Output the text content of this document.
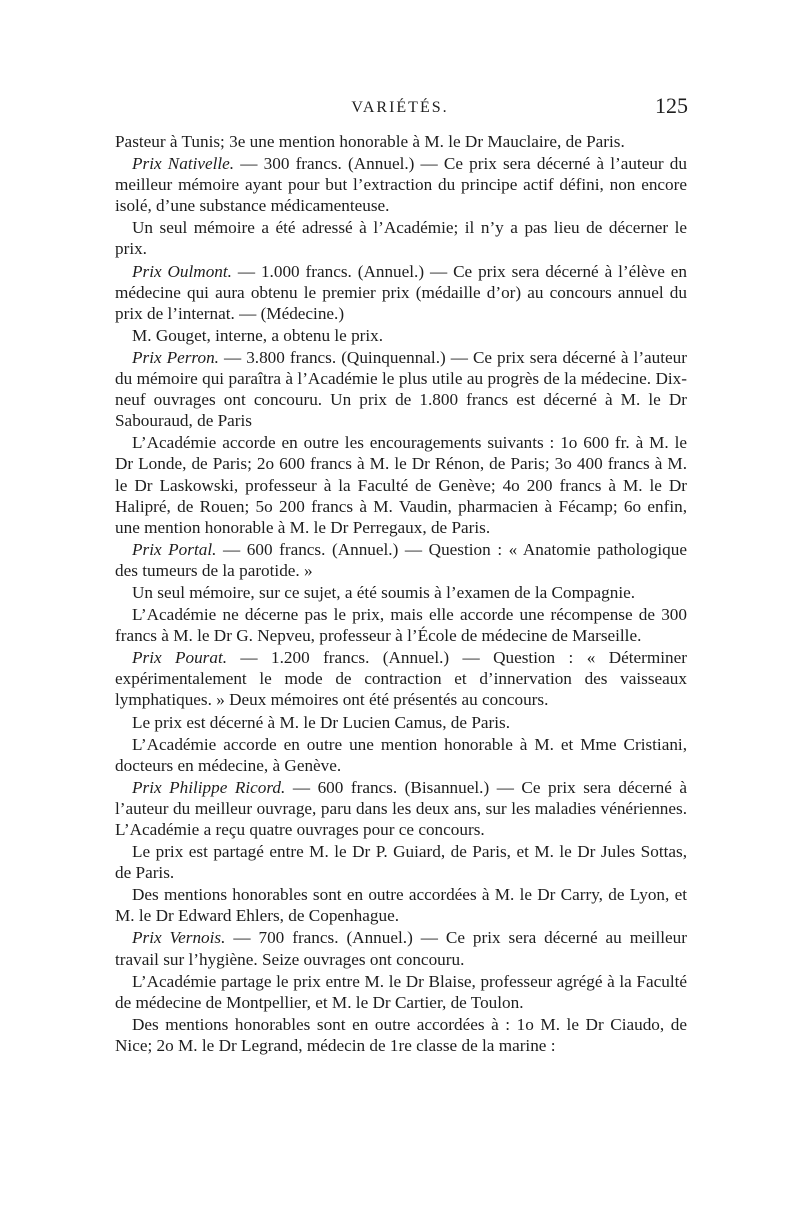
VARIÉTÉS.	125

Pasteur à Tunis; 3e une mention honorable à M. le Dr Mauclaire, de Paris.

Prix Nativelle. — 300 francs. (Annuel.) — Ce prix sera décerné à l’auteur du meilleur mémoire ayant pour but l’extraction du principe actif défini, non encore isolé, d’une substance médicamenteuse.

Un seul mémoire a été adressé à l’Académie; il n’y a pas lieu de décerner le prix.

Prix Oulmont. — 1.000 francs. (Annuel.) — Ce prix sera décerné à l’élève en médecine qui aura obtenu le premier prix (médaille d’or) au concours annuel du prix de l’internat. — (Médecine.)

M. Gouget, interne, a obtenu le prix.

Prix Perron. — 3.800 francs. (Quinquennal.) — Ce prix sera décerné à l’auteur du mémoire qui paraîtra à l’Académie le plus utile au progrès de la médecine. Dix-neuf ouvrages ont concouru. Un prix de 1.800 francs est décerné à M. le Dr Sabouraud, de Paris

L’Académie accorde en outre les encouragements suivants : 1o 600 fr. à M. le Dr Londe, de Paris; 2o 600 francs à M. le Dr Rénon, de Paris; 3o 400 francs à M. le Dr Laskowski, professeur à la Faculté de Genève; 4o 200 francs à M. le Dr Halipré, de Rouen; 5o 200 francs à M. Vaudin, pharmacien à Fécamp; 6o enfin, une mention honorable à M. le Dr Perregaux, de Paris.

Prix Portal. — 600 francs. (Annuel.) — Question : « Anatomie pathologique des tumeurs de la parotide. »

Un seul mémoire, sur ce sujet, a été soumis à l’examen de la Compagnie.

L’Académie ne décerne pas le prix, mais elle accorde une récompense de 300 francs à M. le Dr G. Nepveu, professeur à l’École de médecine de Marseille.

Prix Pourat. — 1.200 francs. (Annuel.) — Question : « Déterminer expérimentalement le mode de contraction et d’innervation des vaisseaux lymphatiques. » Deux mémoires ont été présentés au concours.

Le prix est décerné à M. le Dr Lucien Camus, de Paris.

L’Académie accorde en outre une mention honorable à M. et Mme Cristiani, docteurs en médecine, à Genève.

Prix Philippe Ricord. — 600 francs. (Bisannuel.) — Ce prix sera décerné à l’auteur du meilleur ouvrage, paru dans les deux ans, sur les maladies vénériennes. L’Académie a reçu quatre ouvrages pour ce concours.

Le prix est partagé entre M. le Dr P. Guiard, de Paris, et M. le Dr Jules Sottas, de Paris.

Des mentions honorables sont en outre accordées à M. le Dr Carry, de Lyon, et M. le Dr Edward Ehlers, de Copenhague.

Prix Vernois. — 700 francs. (Annuel.) — Ce prix sera décerné au meilleur travail sur l’hygiène. Seize ouvrages ont concouru.

L’Académie partage le prix entre M. le Dr Blaise, professeur agrégé à la Faculté de médecine de Montpellier, et M. le Dr Cartier, de Toulon.

Des mentions honorables sont en outre accordées à : 1o M. le Dr Ciaudo, de Nice; 2o M. le Dr Legrand, médecin de 1re classe de la marine :
